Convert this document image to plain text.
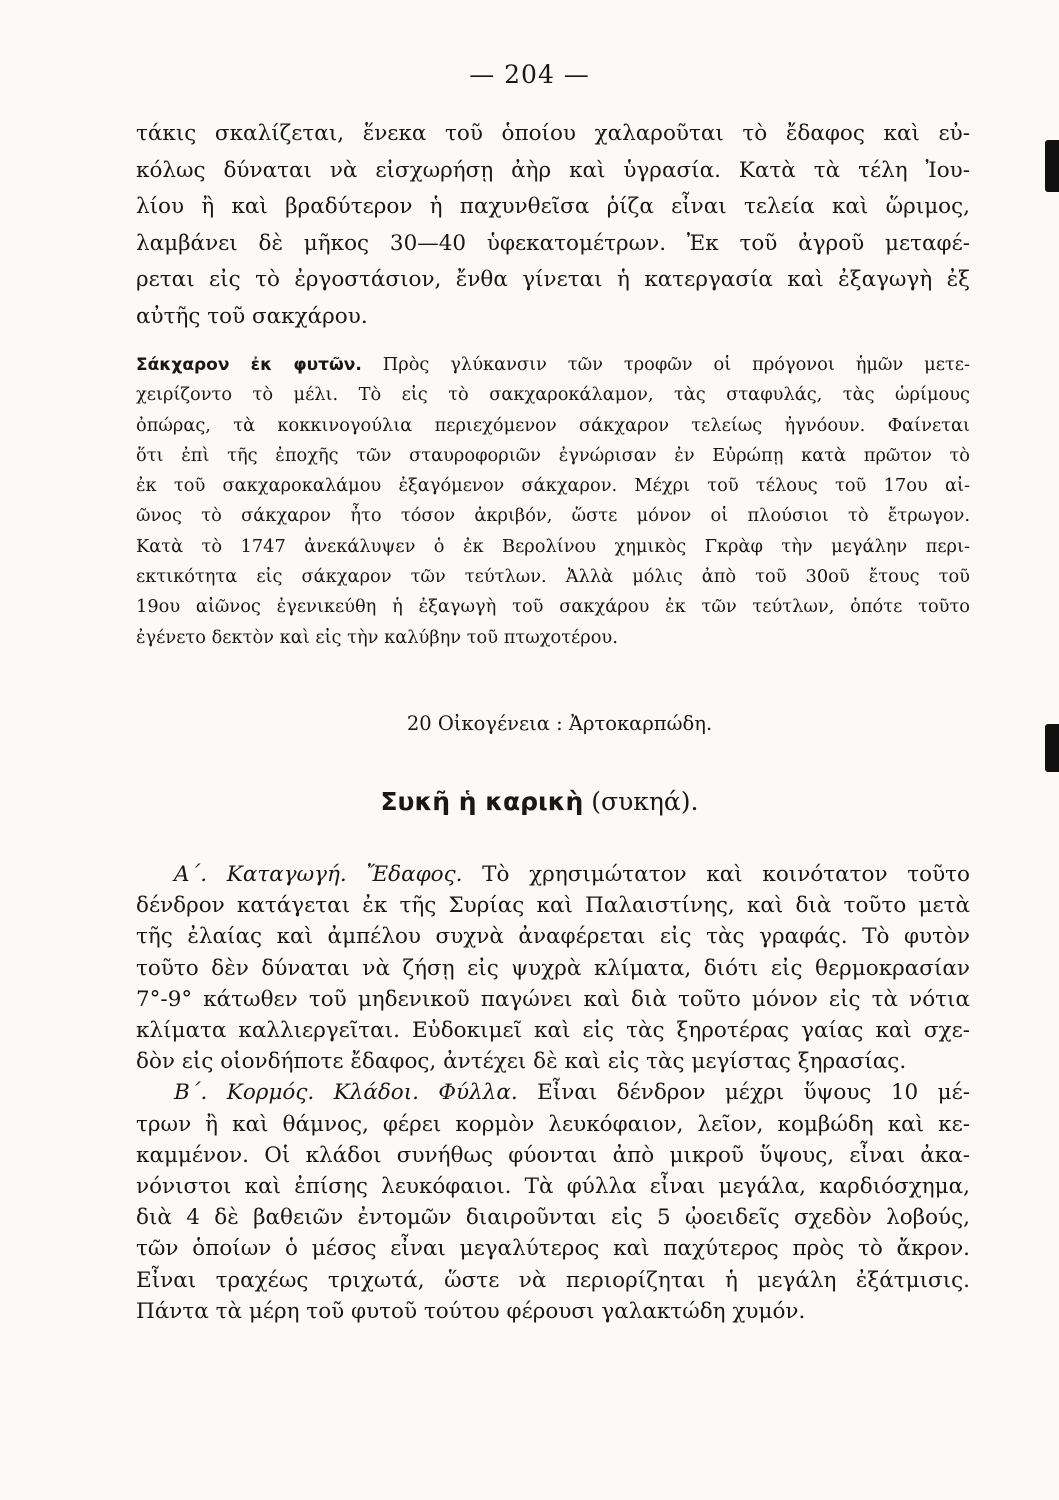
— 204 —
τάκις σκαλίζεται, ἕνεκα τοῦ ὁποίου χαλαροῦται τὸ ἔδαφος καὶ εὐ-
κόλως δύναται νὰ εἰσχωρήσῃ ἀὴρ καὶ ὑγρασία. Κατὰ τὰ τέλη Ἰου-
λίου ἢ καὶ βραδύτερον ἡ παχυνθεῖσα ῥίζα εἶναι τελεία καὶ ὥριμος,
λαμβάνει δὲ μῆκος 30—40 ὑφεκατομέτρων. Ἐκ τοῦ ἀγροῦ μεταφέ-
ρεται εἰς τὸ ἐργοστάσιον, ἔνθα γίνεται ἡ κατεργασία καὶ ἐξαγωγὴ ἐξ
αὐτῆς τοῦ σακχάρου.
Σάκχαρον ἐκ φυτῶν. Πρὸς γλύκανσιν τῶν τροφῶν οἱ πρόγονοι ἡμῶν μετε-
χειρίζοντο τὸ μέλι. Τὸ εἰς τὸ σακχαροκάλαμον, τὰς σταφυλάς, τὰς ὡρίμους
ὀπώρας, τὰ κοκκινογούλια περιεχόμενον σάκχαρον τελείως ἠγνόουν. Φαίνεται
ὅτι ἐπὶ τῆς ἐποχῆς τῶν σταυροφοριῶν ἐγνώρισαν ἐν Εὐρώπῃ κατὰ πρῶτον τὸ
ἐκ τοῦ σακχαροκαλάμου ἐξαγόμενον σάκχαρον. Μέχρι τοῦ τέλους τοῦ 17ου αἰ-
ῶνος τὸ σάκχαρον ἦτο τόσον ἀκριβόν, ὥστε μόνον οἱ πλούσιοι τὸ ἔτρωγον.
Κατὰ τὸ 1747 ἀνεκάλυψεν ὁ ἐκ Βερολίνου χημικὸς Γκρὰφ τὴν μεγάλην περι-
εκτικότητα εἰς σάκχαρον τῶν τεύτλων. Ἀλλὰ μόλις ἀπὸ τοῦ 30οῦ ἔτους τοῦ
19ου αἰῶνος ἐγενικεύθη ἡ ἐξαγωγὴ τοῦ σακχάρου ἐκ τῶν τεύτλων, ὁπότε τοῦτο
ἐγένετο δεκτὸν καὶ εἰς τὴν καλύβην τοῦ πτωχοτέρου.
20 Οἰκογένεια : Ἀρτοκαρπώδη.
Συκῆ ἡ καρικὴ (συκηά).
Α΄. Καταγωγή. Ἔδαφος. Τὸ χρησιμώτατον καὶ κοινότατον τοῦτο
δένδρον κατάγεται ἐκ τῆς Συρίας καὶ Παλαιστίνης, καὶ διὰ τοῦτο μετὰ
τῆς ἐλαίας καὶ ἀμπέλου συχνὰ ἀναφέρεται εἰς τὰς γραφάς. Τὸ φυτὸν
τοῦτο δὲν δύναται νὰ ζήσῃ εἰς ψυχρὰ κλίματα, διότι εἰς θερμοκρασίαν
7°-9° κάτωθεν τοῦ μηδενικοῦ παγώνει καὶ διὰ τοῦτο μόνον εἰς τὰ νότια
κλίματα καλλιεργεῖται. Εὐδοκιμεῖ καὶ εἰς τὰς ξηροτέρας γαίας καὶ σχε-
δὸν εἰς οἱονδήποτε ἔδαφος, ἀντέχει δὲ καὶ εἰς τὰς μεγίστας ξηρασίας.
Β΄. Κορμός. Κλάδοι. Φύλλα. Εἶναι δένδρον μέχρι ὕψους 10 μέ-
τρων ἢ καὶ θάμνος, φέρει κορμὸν λευκόφαιον, λεῖον, κομβώδη καὶ κε-
καμμένον. Οἱ κλάδοι συνήθως φύονται ἀπὸ μικροῦ ὕψους, εἶναι ἀκα-
νόνιστοι καὶ ἐπίσης λευκόφαιοι. Τὰ φύλλα εἶναι μεγάλα, καρδιόσχημα,
διὰ 4 δὲ βαθειῶν ἐντομῶν διαιροῦνται εἰς 5 ᾠοειδεῖς σχεδὸν λοβούς,
τῶν ὁποίων ὁ μέσος εἶναι μεγαλύτερος καὶ παχύτερος πρὸς τὸ ἄκρον.
Εἶναι τραχέως τριχωτά, ὥστε νὰ περιορίζηται ἡ μεγάλη ἐξάτμισις.
Πάντα τὰ μέρη τοῦ φυτοῦ τούτου φέρουσι γαλακτώδη χυμόν.
